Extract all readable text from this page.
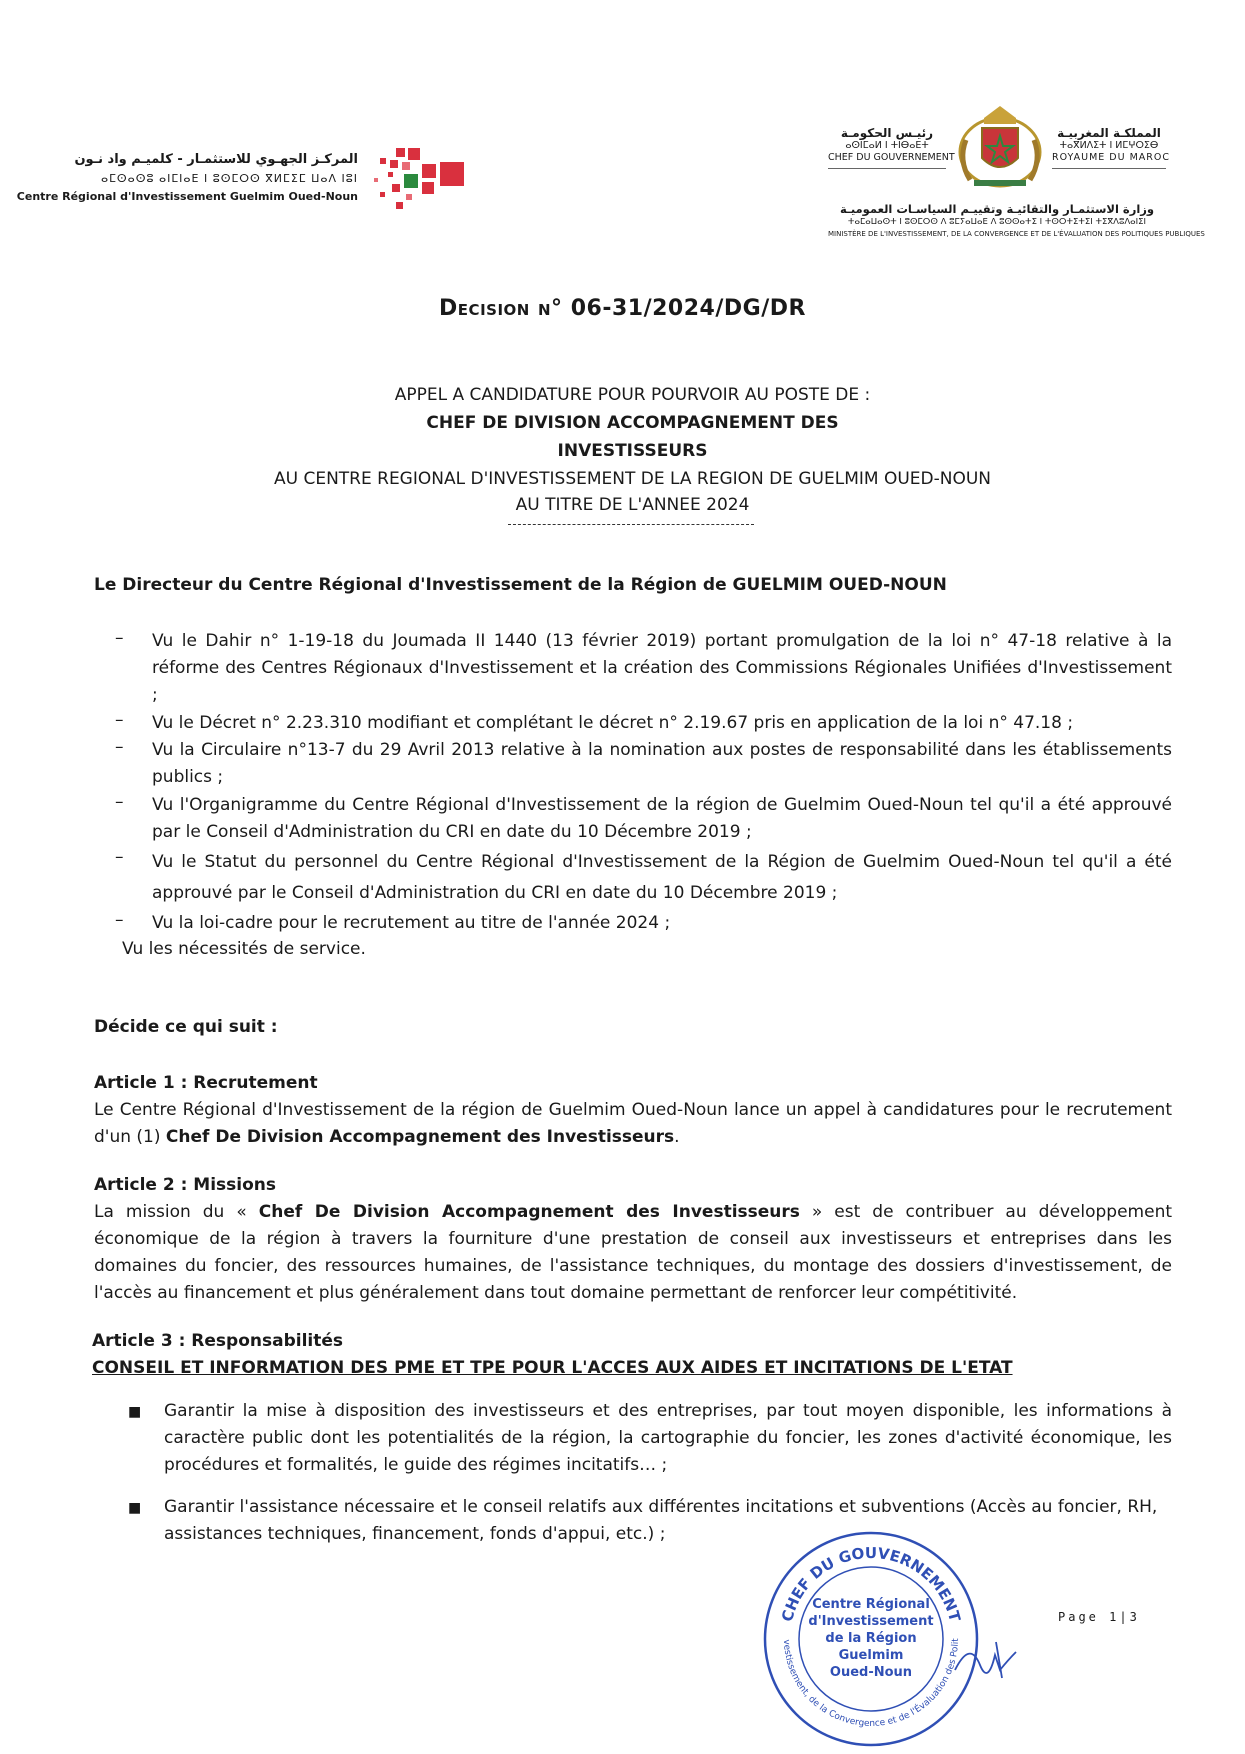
المركـز الجهـوي للاستثمـار - كلميـم واد نـون
ⴰⵎⵙⴰⵙⵓ ⴰⵏⵎⵏⴰⴹ ⵏ ⵓⵙⵎⵔⵙ ⴳⵍⵎⵉⵎ ⵡⴰⴷ ⵏⵓⵏ
Centre Régional d'Investissement Guelmim Oued-Noun
رئيـس الحكومـة
ⴰⵙⵏⵎⴰⵍ ⵏ ⵜⵏⴱⴰⴹⵜ
CHEF DU GOUVERNEMENT
المملكـة المغربيـة
ⵜⴰⴳⵍⴷⵉⵜ ⵏ ⵍⵎⵖⵔⵉⴱ
ROYAUME DU MAROC
وزارة الاستثمـار والتقائيـة وتقييـم السياسـات العموميـة
ⵜⴰⵎⴰⵡⴰⵙⵜ ⵏ ⵓⵙⵎⵔⵙ ⴷ ⵓⵎⵢⴰⵡⴰⴹ ⴷ ⵓⵙⵙⴰⵜⵉ ⵏ ⵜⵙⵔⵜⵉⵜⵉⵏ ⵜⵉⴳⴷⵓⴷⴰⵏⵉⵏ
MINISTÈRE DE L'INVESTISSEMENT, DE LA CONVERGENCE ET DE L'ÉVALUATION DES POLITIQUES PUBLIQUES
Decision n° 06-31/2024/DG/DR
APPEL A CANDIDATURE POUR POURVOIR AU POSTE DE :
CHEF DE DIVISION ACCOMPAGNEMENT DES
INVESTISSEURS
AU CENTRE REGIONAL D'INVESTISSEMENT DE LA REGION DE GUELMIM OUED-NOUN
AU TITRE DE L'ANNEE 2024
Le Directeur du Centre Régional d'Investissement de la Région de GUELMIM OUED-NOUN
– Vu le Dahir n° 1-19-18 du Joumada II 1440 (13 février 2019) portant promulgation de la loi n° 47-18 relative à la réforme des Centres Régionaux d'Investissement et la création des Commissions Régionales Unifiées d'Investissement ;
– Vu le Décret n° 2.23.310 modifiant et complétant le décret n° 2.19.67 pris en application de la loi n° 47.18 ;
– Vu la Circulaire n°13-7 du 29 Avril 2013 relative à la nomination aux postes de responsabilité dans les établissements publics ;
– Vu l'Organigramme du Centre Régional d'Investissement de la région de Guelmim Oued-Noun tel qu'il a été approuvé par le Conseil d'Administration du CRI en date du 10 Décembre 2019 ;
– Vu le Statut du personnel du Centre Régional d'Investissement de la Région de Guelmim Oued-Noun tel qu'il a été approuvé par le Conseil d'Administration du CRI en date du 10 Décembre 2019 ;
– Vu la loi-cadre pour le recrutement au titre de l'année 2024 ;
Vu les nécessités de service.
Décide ce qui suit :
Article 1 : Recrutement
Le Centre Régional d'Investissement de la région de Guelmim Oued-Noun lance un appel à candidatures pour le recrutement d'un (1) Chef De Division Accompagnement des Investisseurs.
Article 2 : Missions
La mission du « Chef De Division Accompagnement des Investisseurs » est de contribuer au développement économique de la région à travers la fourniture d'une prestation de conseil aux investisseurs et entreprises dans les domaines du foncier, des ressources humaines, de l'assistance techniques, du montage des dossiers d'investissement, de l'accès au financement et plus généralement dans tout domaine permettant de renforcer leur compétitivité.
Article 3 : Responsabilités
CONSEIL ET INFORMATION DES PME ET TPE POUR L'ACCES AUX AIDES ET INCITATIONS DE L'ETAT
■ Garantir la mise à disposition des investisseurs et des entreprises, par tout moyen disponible, les informations à caractère public dont les potentialités de la région, la cartographie du foncier, les zones d'activité économique, les procédures et formalités, le guide des régimes incitatifs… ;
■ Garantir l'assistance nécessaire et le conseil relatifs aux différentes incitations et subventions (Accès au foncier, RH, assistances techniques, financement, fonds d'appui, etc.) ;
CHEF DU GOUVERNEMENT
vestissement, de la Convergence et de l'Évaluation des Polit
Centre Régional
d'Investissement
de la Région
Guelmim
Oued-Noun
Page 1|3
